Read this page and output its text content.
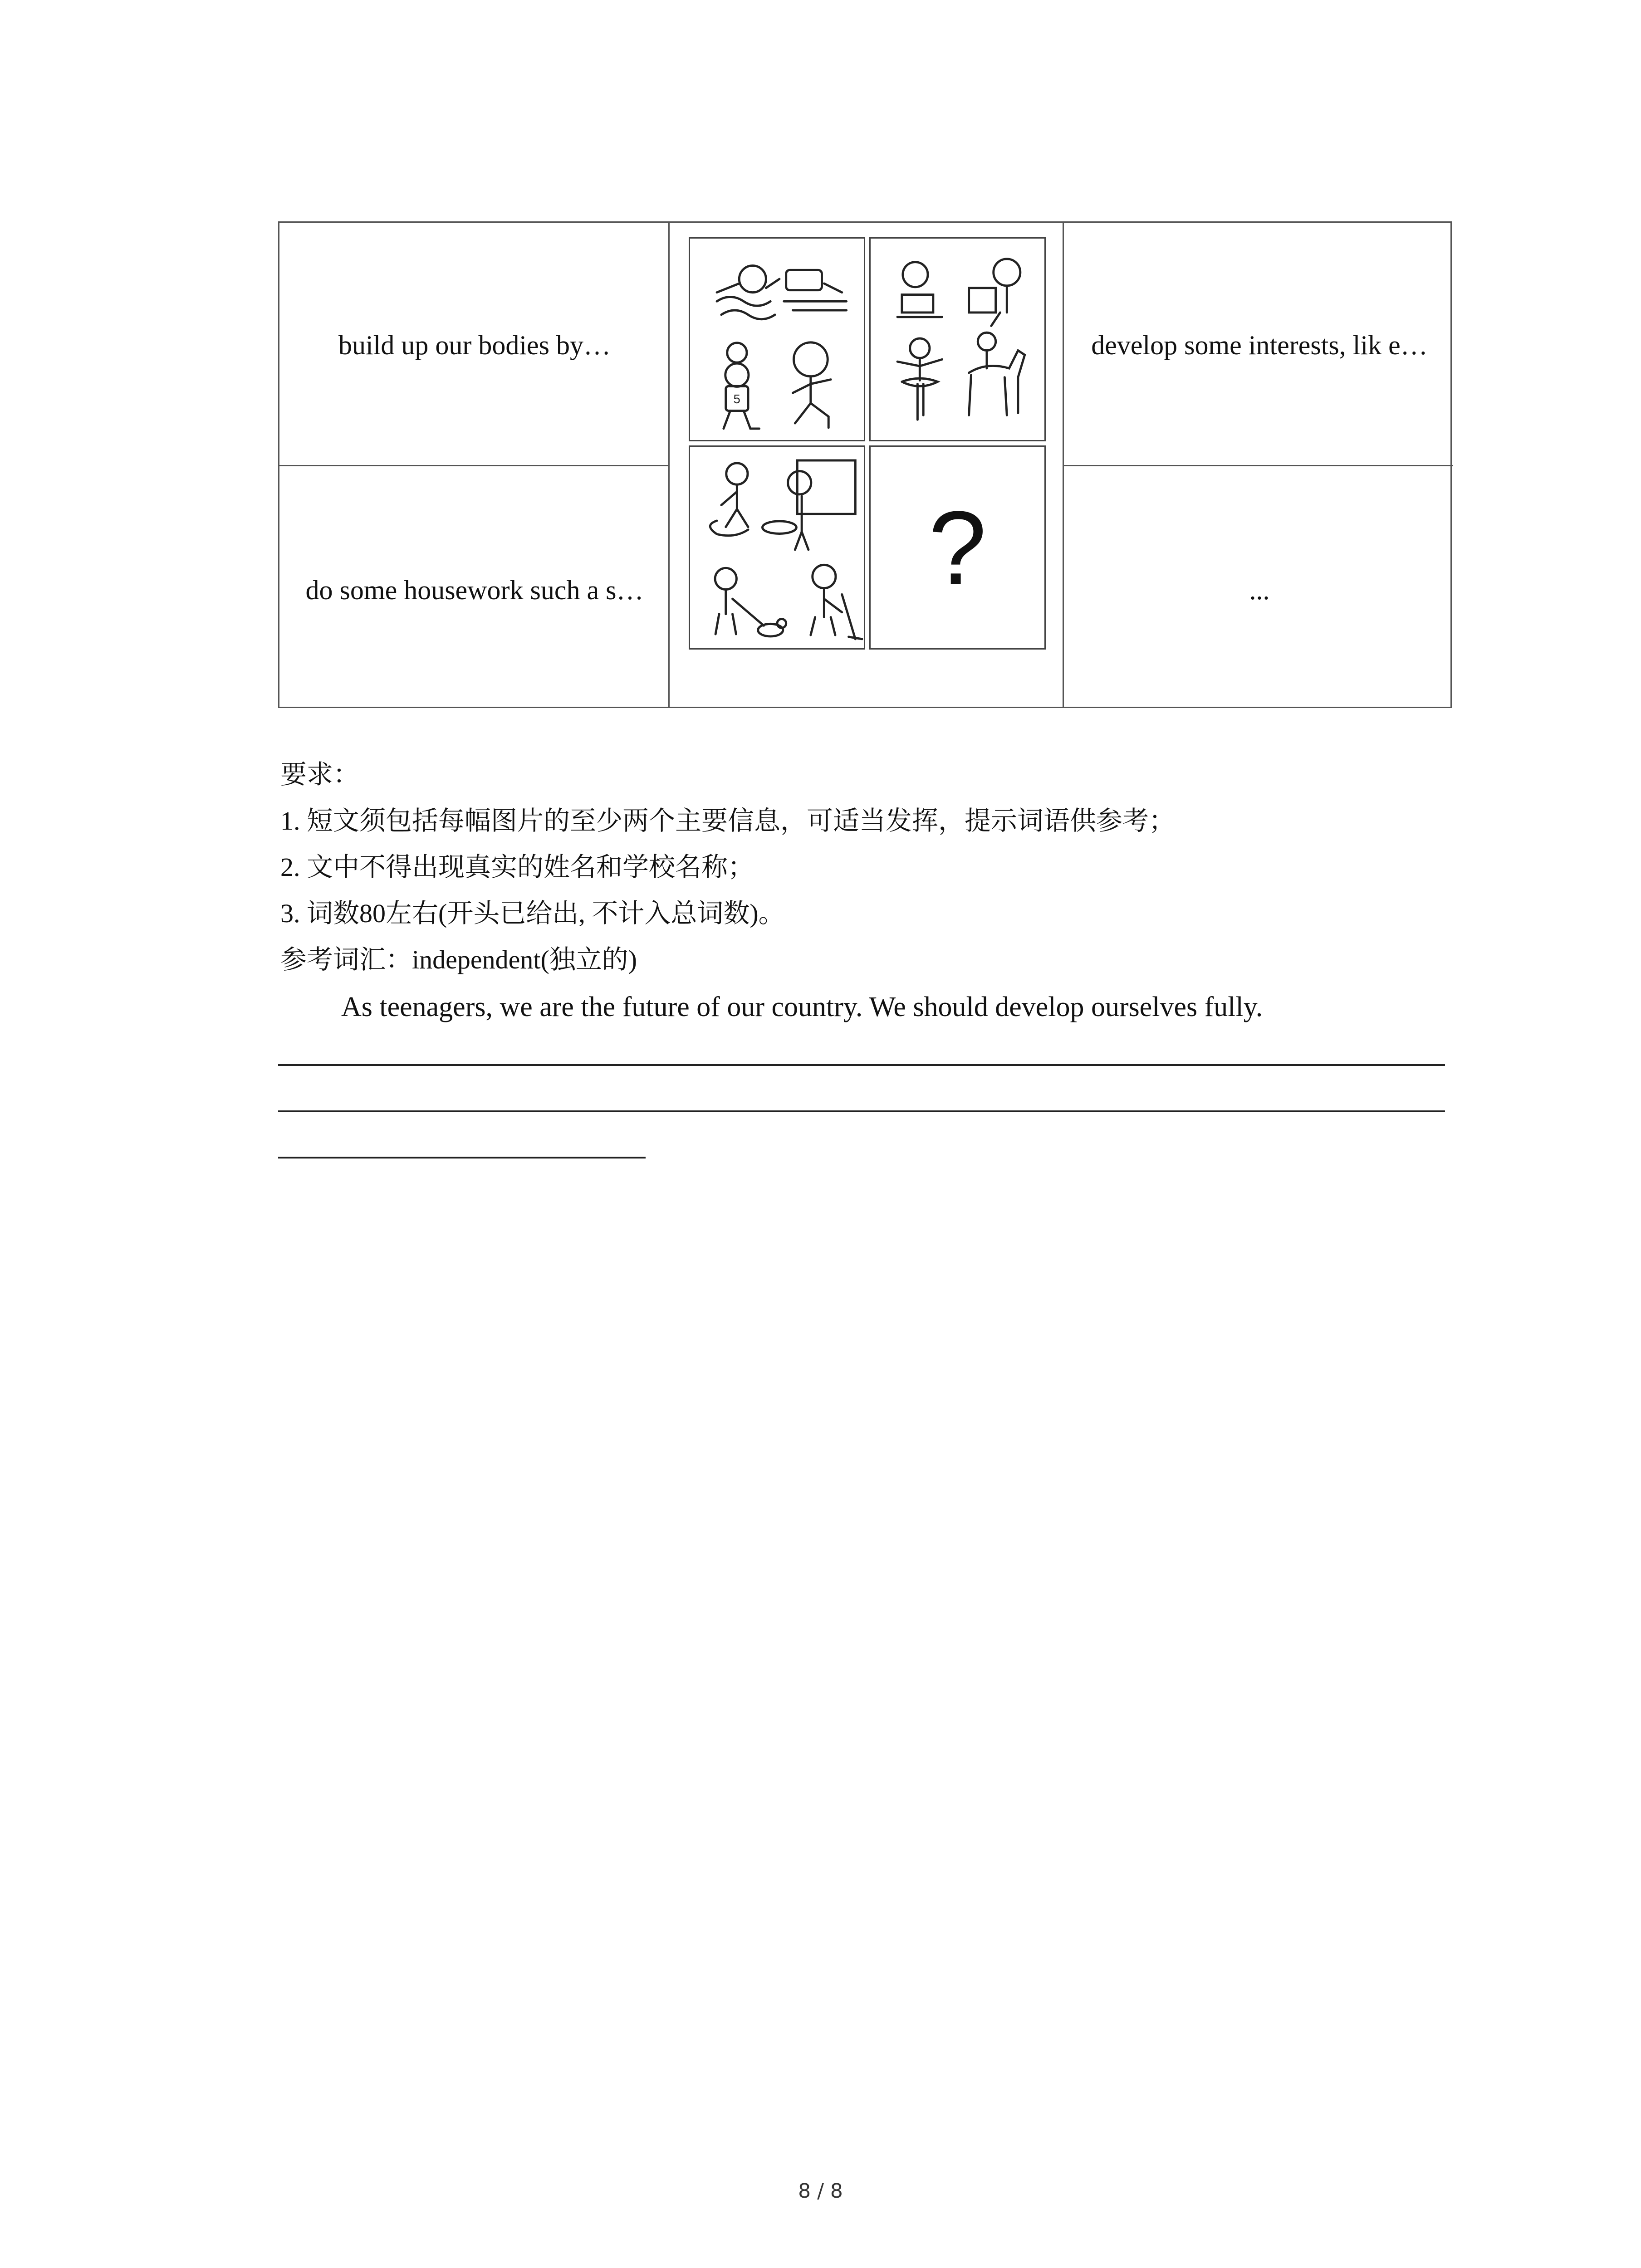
build up our bodies by…	develop some interests, lik e…
do some housework such a s…	...
5
?
要求：
1. 短文须包括每幅图片的至少两个主要信息，可适当发挥，提示词语供参考；
2. 文中不得出现真实的姓名和学校名称；
3. 词数80左右(开头已给出, 不计入总词数)。
参考词汇：independent(独立的)
As teenagers, we are the future of our country. We should develop ourselves fully.
8 / 8
